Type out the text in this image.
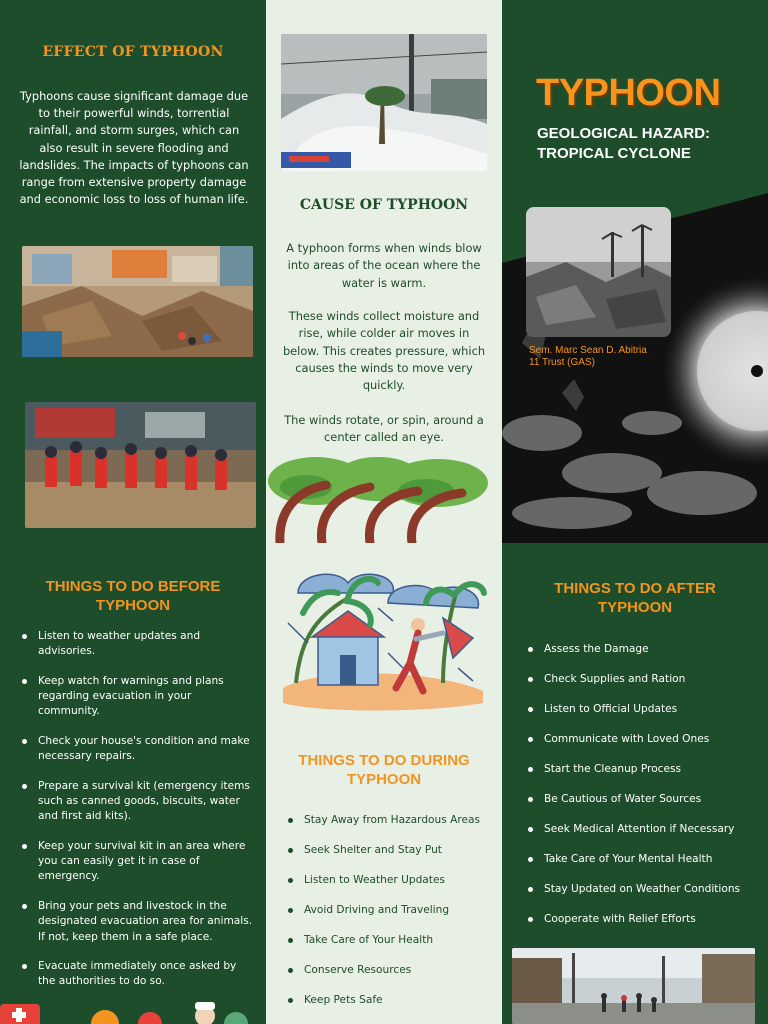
EFFECT OF TYPHOON
Typhoons cause significant damage due to their powerful winds, torrential rainfall, and storm surges, which can also result in severe flooding and landslides. The impacts of typhoons can range from extensive property damage and economic loss to loss of human life.	CAUSE OF TYPHOON
A typhoon forms when winds blow into areas of the ocean where the water is warm.
These winds collect moisture and rise, while colder air moves in below. This creates pressure, which causes the winds to move very quickly.
The winds rotate, or spin, around a center called an eye.
TYPHOON
GEOLOGICAL HAZARD:
TROPICAL CYCLONE
Sem. Marc Sean D. Abitria
11 Trust (GAS)
THINGS TO DO BEFORE TYPHOON
Listen to weather updates and advisories.
Keep watch for warnings and plans regarding evacuation in your community.
Check your house's condition and make necessary repairs.
Prepare a survival kit (emergency items such as canned goods, biscuits, water and first aid kits).
Keep your survival kit in an area where you can easily get it in case of emergency.
Bring your pets and livestock in the designated evacuation area for animals. If not, keep them in a safe place.
Evacuate immediately once asked by the authorities to do so.
THINGS TO DO DURING TYPHOON
Stay Away from Hazardous Areas
Seek Shelter and Stay Put
Listen to Weather Updates
Avoid Driving and Traveling
Take Care of Your Health
Conserve Resources
Keep Pets Safe
THINGS TO DO AFTER TYPHOON
Assess the Damage
Check Supplies and Ration
Listen to Official Updates
Communicate with Loved Ones
Start the Cleanup Process
Be Cautious of Water Sources
Seek Medical Attention if Necessary
Take Care of Your Mental Health
Stay Updated on Weather Conditions
Cooperate with Relief Efforts
